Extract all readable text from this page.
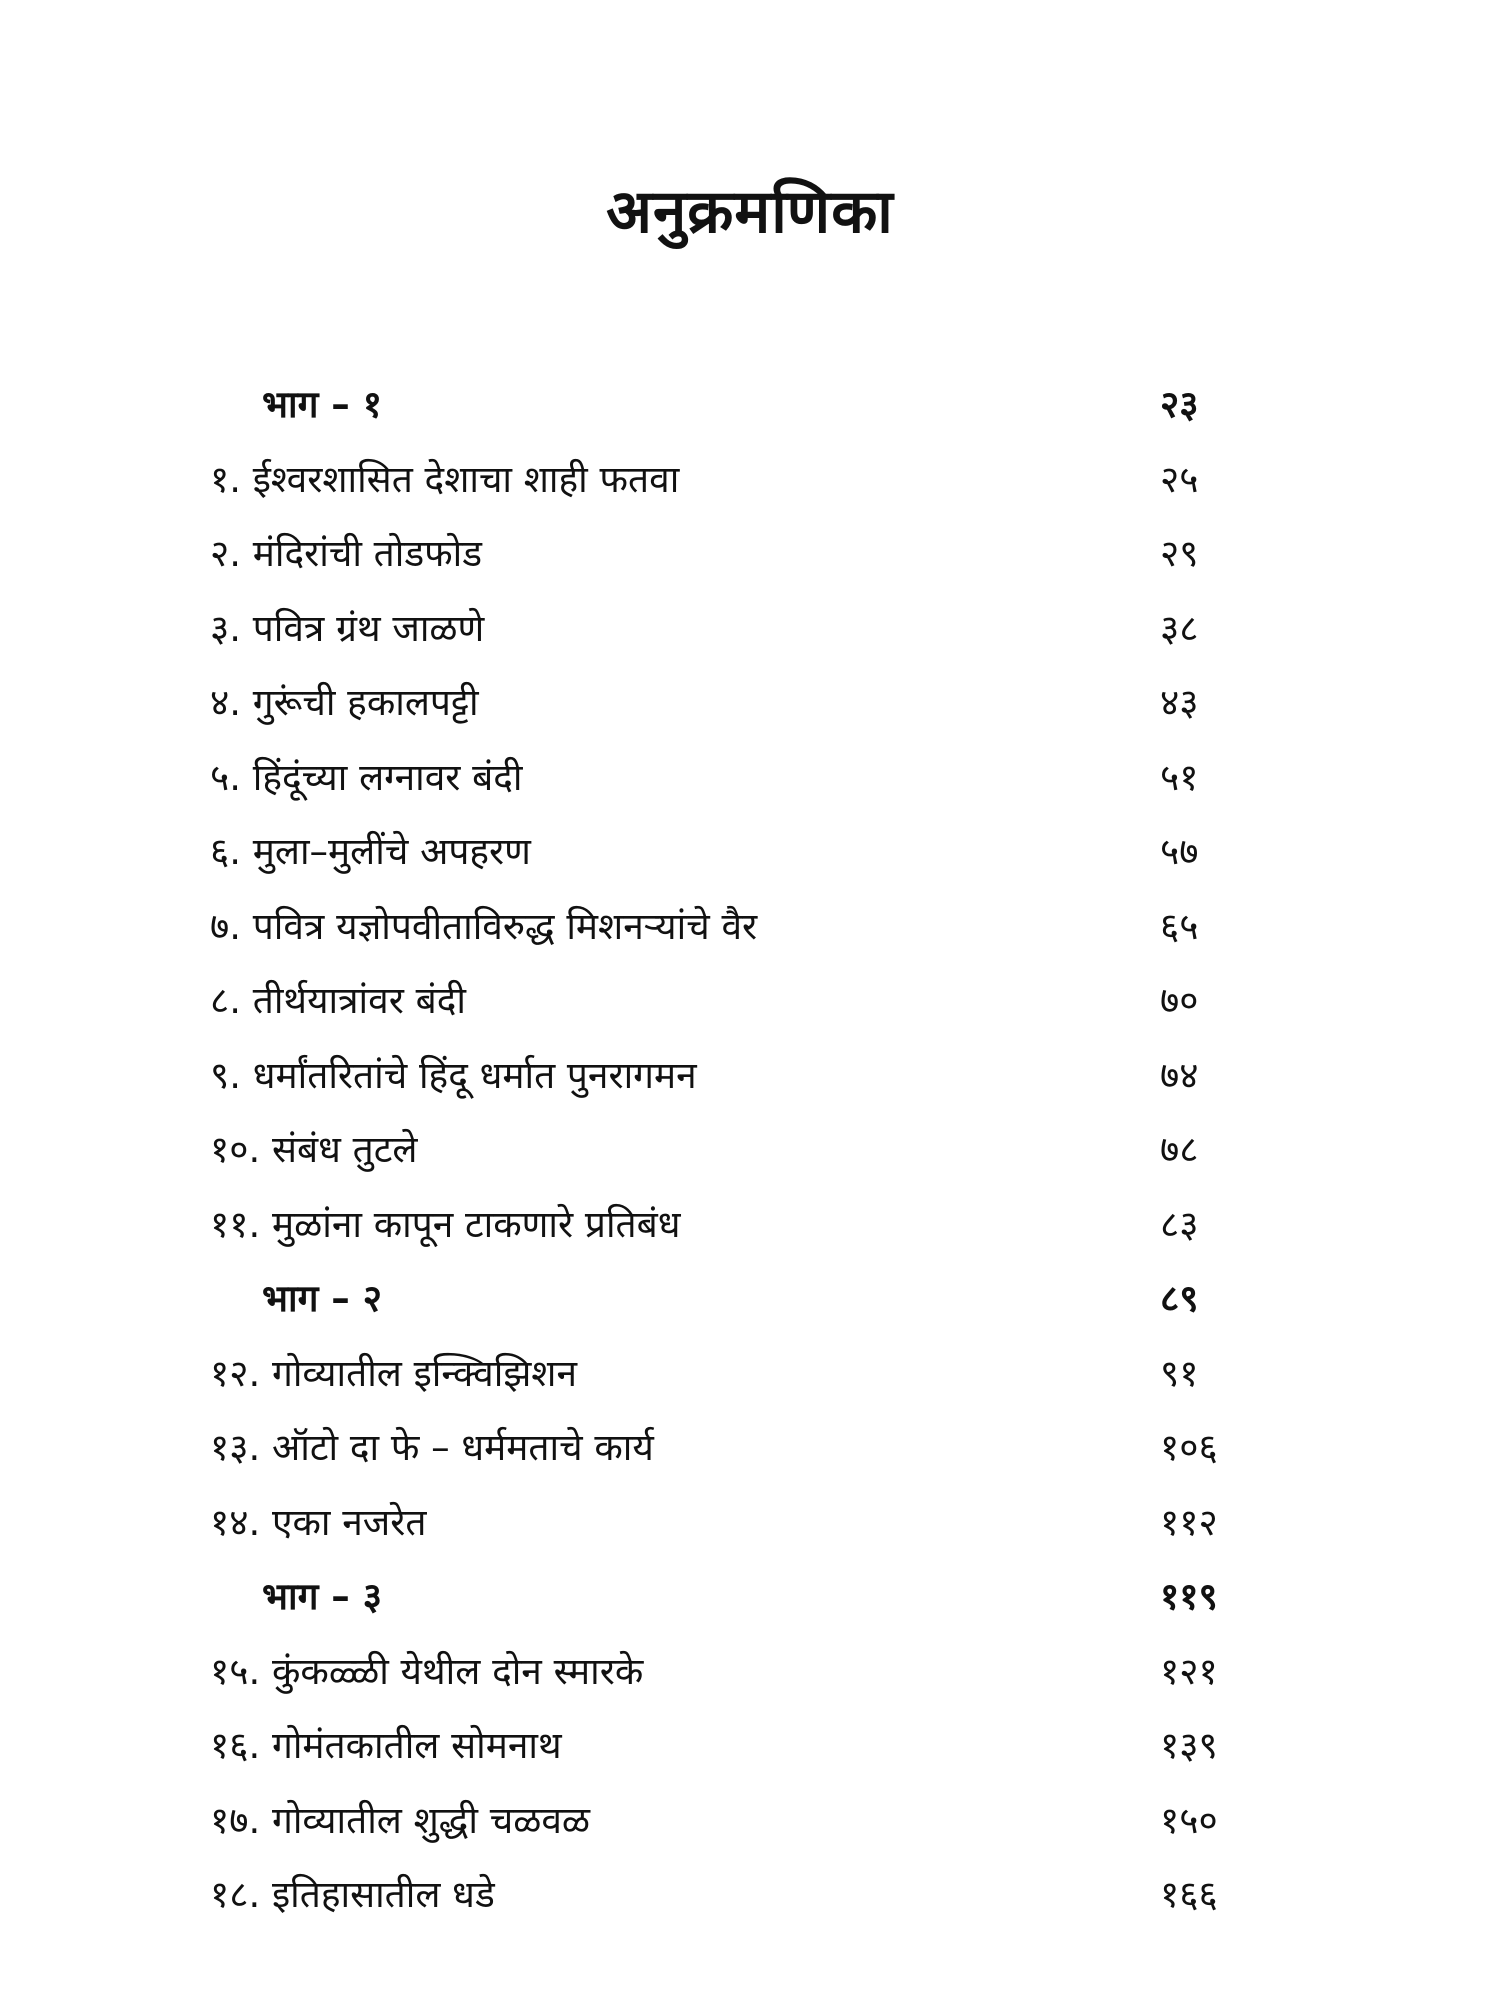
अनुक्रमणिका
भाग – १	२३
१. ईश्वरशासित देशाचा शाही फतवा	२५
२. मंदिरांची तोडफोड	२९
३. पवित्र ग्रंथ जाळणे	३८
४. गुरूंची हकालपट्टी	४३
५. हिंदूंच्या लग्नावर बंदी	५१
६. मुला–मुलींचे अपहरण	५७
७. पवित्र यज्ञोपवीताविरुद्ध मिशनऱ्यांचे वैर	६५
८. तीर्थयात्रांवर बंदी	७०
९. धर्मांतरितांचे हिंदू धर्मात पुनरागमन	७४
१०. संबंध तुटले	७८
११. मुळांना कापून टाकणारे प्रतिबंध	८३
भाग – २	८९
१२. गोव्यातील इन्क्विझिशन	९१
१३. ऑटो दा फे – धर्ममताचे कार्य	१०६
१४. एका नजरेत	११२
भाग – ३	११९
१५. कुंकळ्ळी येथील दोन स्मारके	१२१
१६. गोमंतकातील सोमनाथ	१३९
१७. गोव्यातील शुद्धी चळवळ	१५०
१८. इतिहासातील धडे	१६६
